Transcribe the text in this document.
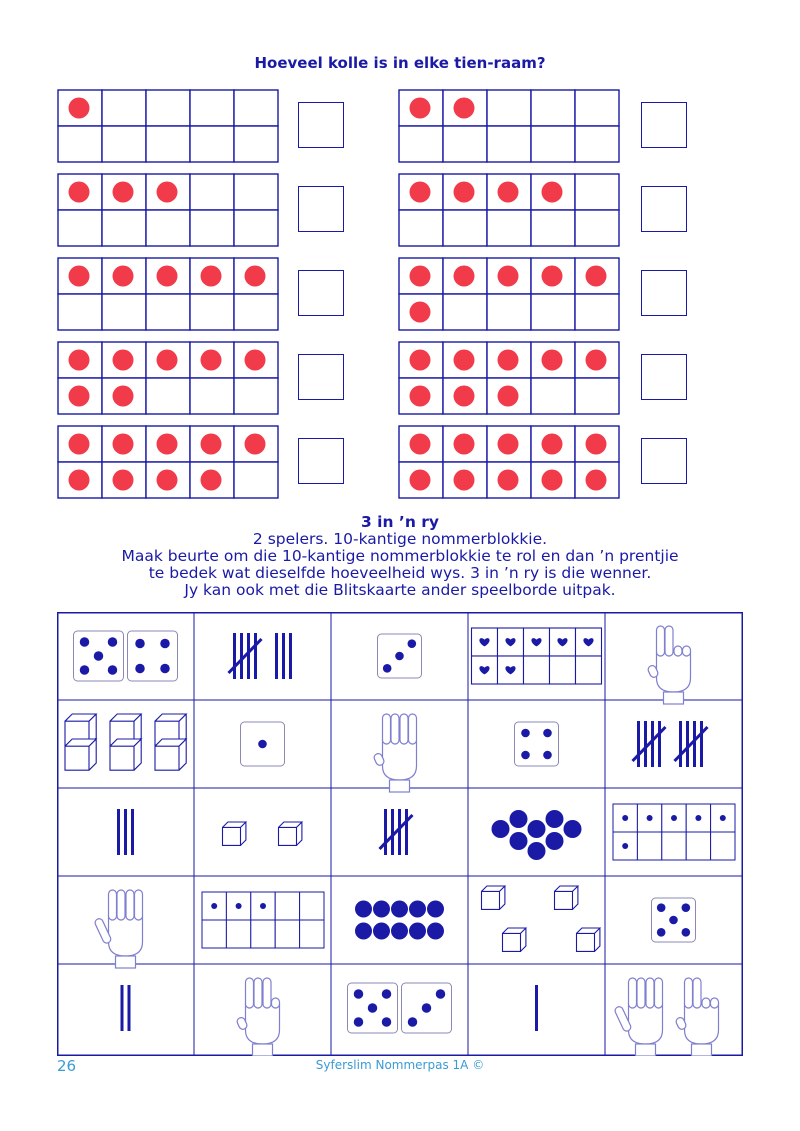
Hoeveel kolle is in elke tien-raam?
3 in ’n ry
2 spelers. 10-kantige nommerblokkie.
Maak beurte om die 10-kantige nommerblokkie te rol en dan ’n prentjie
te bedek wat dieselfde hoeveelheid wys. 3 in ’n ry is die wenner.
Jy kan ook met die Blitskaarte ander speelborde uitpak.
26	Syferslim Nommerpas 1A ©
